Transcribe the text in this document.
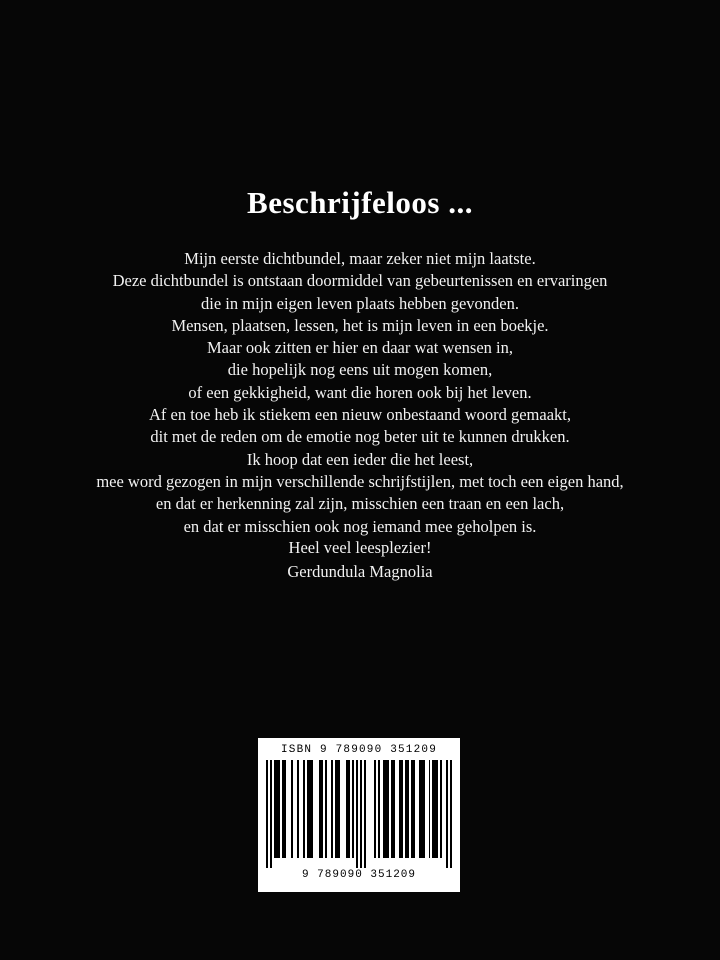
Beschrijfeloos ...
Mijn eerste dichtbundel, maar zeker niet mijn laatste.
Deze dichtbundel is ontstaan doormiddel van gebeurtenissen en ervaringen
die in mijn eigen leven plaats hebben gevonden.
Mensen, plaatsen, lessen, het is mijn leven in een boekje.
Maar ook zitten er hier en daar wat wensen in,
die hopelijk nog eens uit mogen komen,
of een gekkigheid, want die horen ook bij het leven.
Af en toe heb ik stiekem een nieuw onbestaand woord gemaakt,
dit met de reden om de emotie nog beter uit te kunnen drukken.
Ik hoop dat een ieder die het leest,
mee word gezogen in mijn verschillende schrijfstijlen, met toch een eigen hand,
en dat er herkenning zal zijn, misschien een traan en een lach,
en dat er misschien ook nog iemand mee geholpen is.
Heel veel leesplezier!
Gerdundula Magnolia
ISBN 9 789090 351209
9 789090 351209
